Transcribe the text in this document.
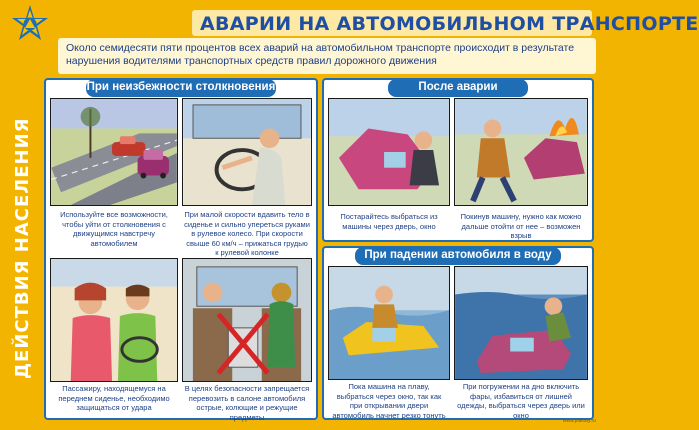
АВАРИИ НА АВТОМОБИЛЬНОМ ТРАНСПОРТЕ
Около семидесяти пяти процентов всех аварий на автомобильном транспорте происходит в результате нарушения водителями транспортных средств правил дорожного движения
ДЕЙСТВИЯ НАСЕЛЕНИЯ
При неизбежности столкновения	После аварии
При падении автомобиля в воду
Используйте все возможности, чтобы уйти от столкновения с движущимся навстречу автомобилем
При малой скорости вдавить тело в сиденье и сильно упереться руками в рулевое колесо. При скорости свыше 60 км/ч – прижаться грудью к рулевой колонке
Пассажиру, находящемуся на переднем сиденье, необходимо защищаться от удара
В целях безопасности запрещается перевозить в салоне автомобиля острые, колющие и режущие предметы
Постарайтесь выбраться из машины через дверь, окно
Покинув машину, нужно как можно дальше отойти от нее – возможен взрыв
Пока машина на плаву, выбраться через окно, так как при открывании двери автомобиль начнет резко тонуть
При погружении на дно включить фары, избавиться от лишней одежды, выбраться через дверь или окно
www.plakaty.ru
